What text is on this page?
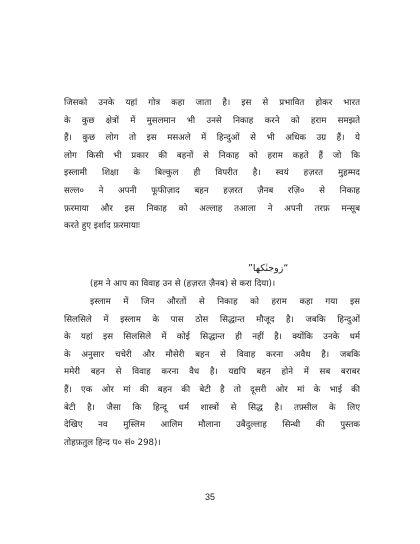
जिसको उनके यहां गोत्र कहा जाता है। इस से प्रभावित होकर भारत
के कुछ क्षेत्रों में मुसलमान भी उनसे निकाह करने को हराम समझते
हैं। कुछ लोग तो इस मसअले में हिन्दुओं से भी अधिक उग्र हैं। ये
लोग किसी भी प्रकार की बहनों से निकाह को हराम कहते हैं जो कि
इस्लामी शिक्षा के बिल्कुल ही विपरीत है। स्वयं हज़रत मुहम्मद
सल्ल० ने अपनी फूफीज़ाद बहन हज़रत ज़ैनब रज़ि० से निकाह
फ़रमाया और इस निकाह को अल्लाह तआला ने अपनी तरफ़ मन्सूब
करते हुए इर्शाद फ़रमायाः
“زوجنٰکھا”
(हम ने आप का विवाह उन से (हज़रत ज़ैनब) से करा दिया)।
इस्लाम में जिन औरतों से निकाह को हराम कहा गया इस
सिलसिले में इस्लाम के पास ठोस सिद्धान्त मौजूद है। जबकि हिन्दुओं
के यहां इस सिलसिले में कोई सिद्धान्त ही नहीं है। क्योंकि उनके धर्म
के अनुसार चचेरी और मौसेरी बहन से विवाह करना अवैध है। जबकि
ममेरी बहन से विवाह करना वैध है। यद्यपि बहन होने में सब बराबर
हैं। एक ओर मां की बहन की बेटी है तो दूसरी ओर मां के भाई की
बेटी है। जैसा कि हिन्दू धर्म शास्त्रों से सिद्ध है। तफ़्सील के लिए
देखिए नव मुस्लिम आलिम मौलाना उबैदुल्लाह सिन्धी की पुस्तक
तोहफ़तुल हिन्द प० सं० 298)।
35
